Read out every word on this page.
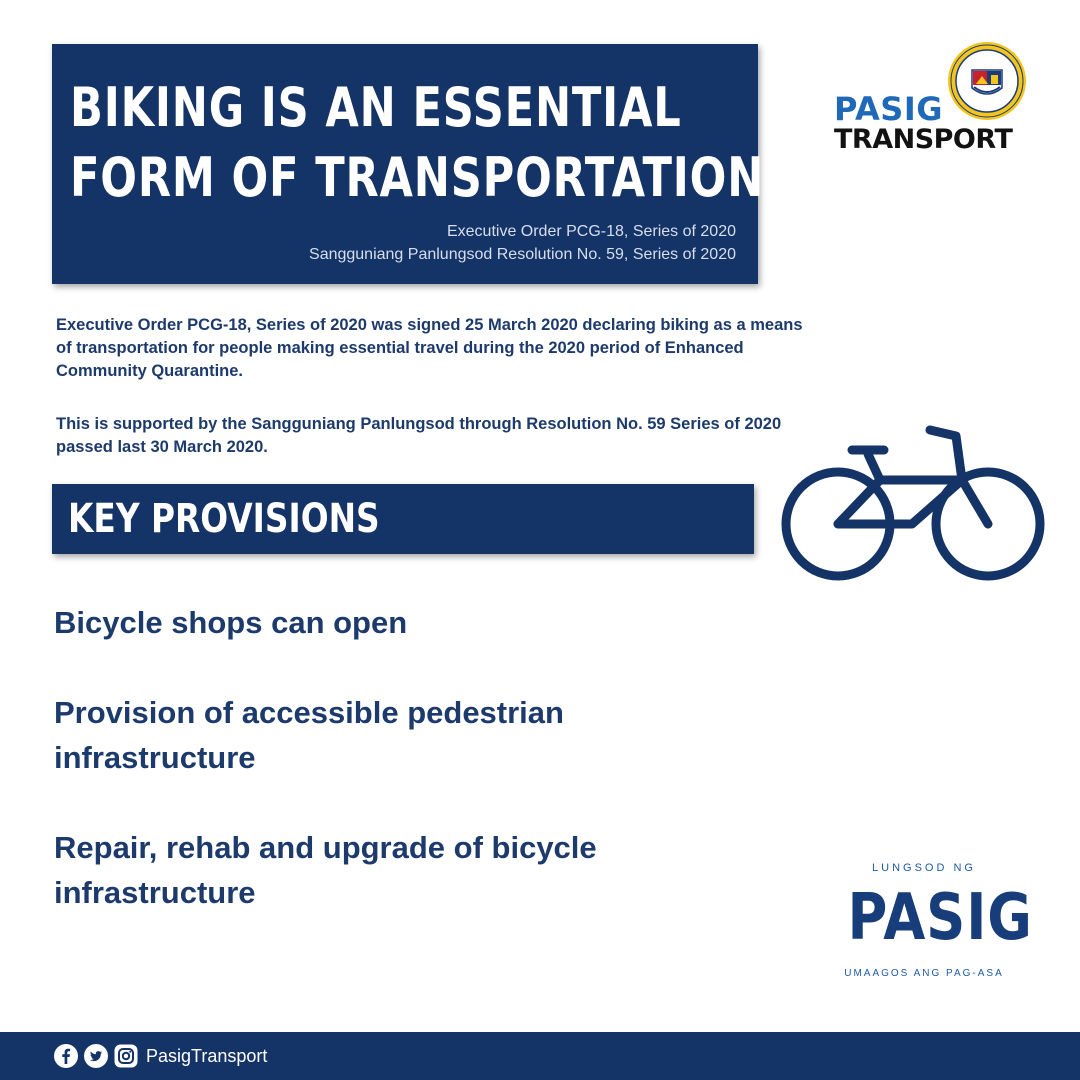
BIKING IS AN ESSENTIAL
FORM OF TRANSPORTATION
Executive Order PCG-18, Series of 2020
Sangguniang Panlungsod Resolution No. 59, Series of 2020
PASIG
TRANSPORT
Executive Order PCG-18, Series of 2020 was signed 25 March 2020 declaring biking as a means of transportation for people making essential travel during the 2020 period of Enhanced Community Quarantine.
This is supported by the Sangguniang Panlungsod through Resolution No. 59 Series of 2020 passed last 30 March 2020.
KEY PROVISIONS
Bicycle shops can open
Provision of accessible pedestrian infrastructure
Repair, rehab and upgrade of bicycle infrastructure
LUNGSOD NG
PASIG
UMAAGOS ANG PAG-ASA
PasigTransport
